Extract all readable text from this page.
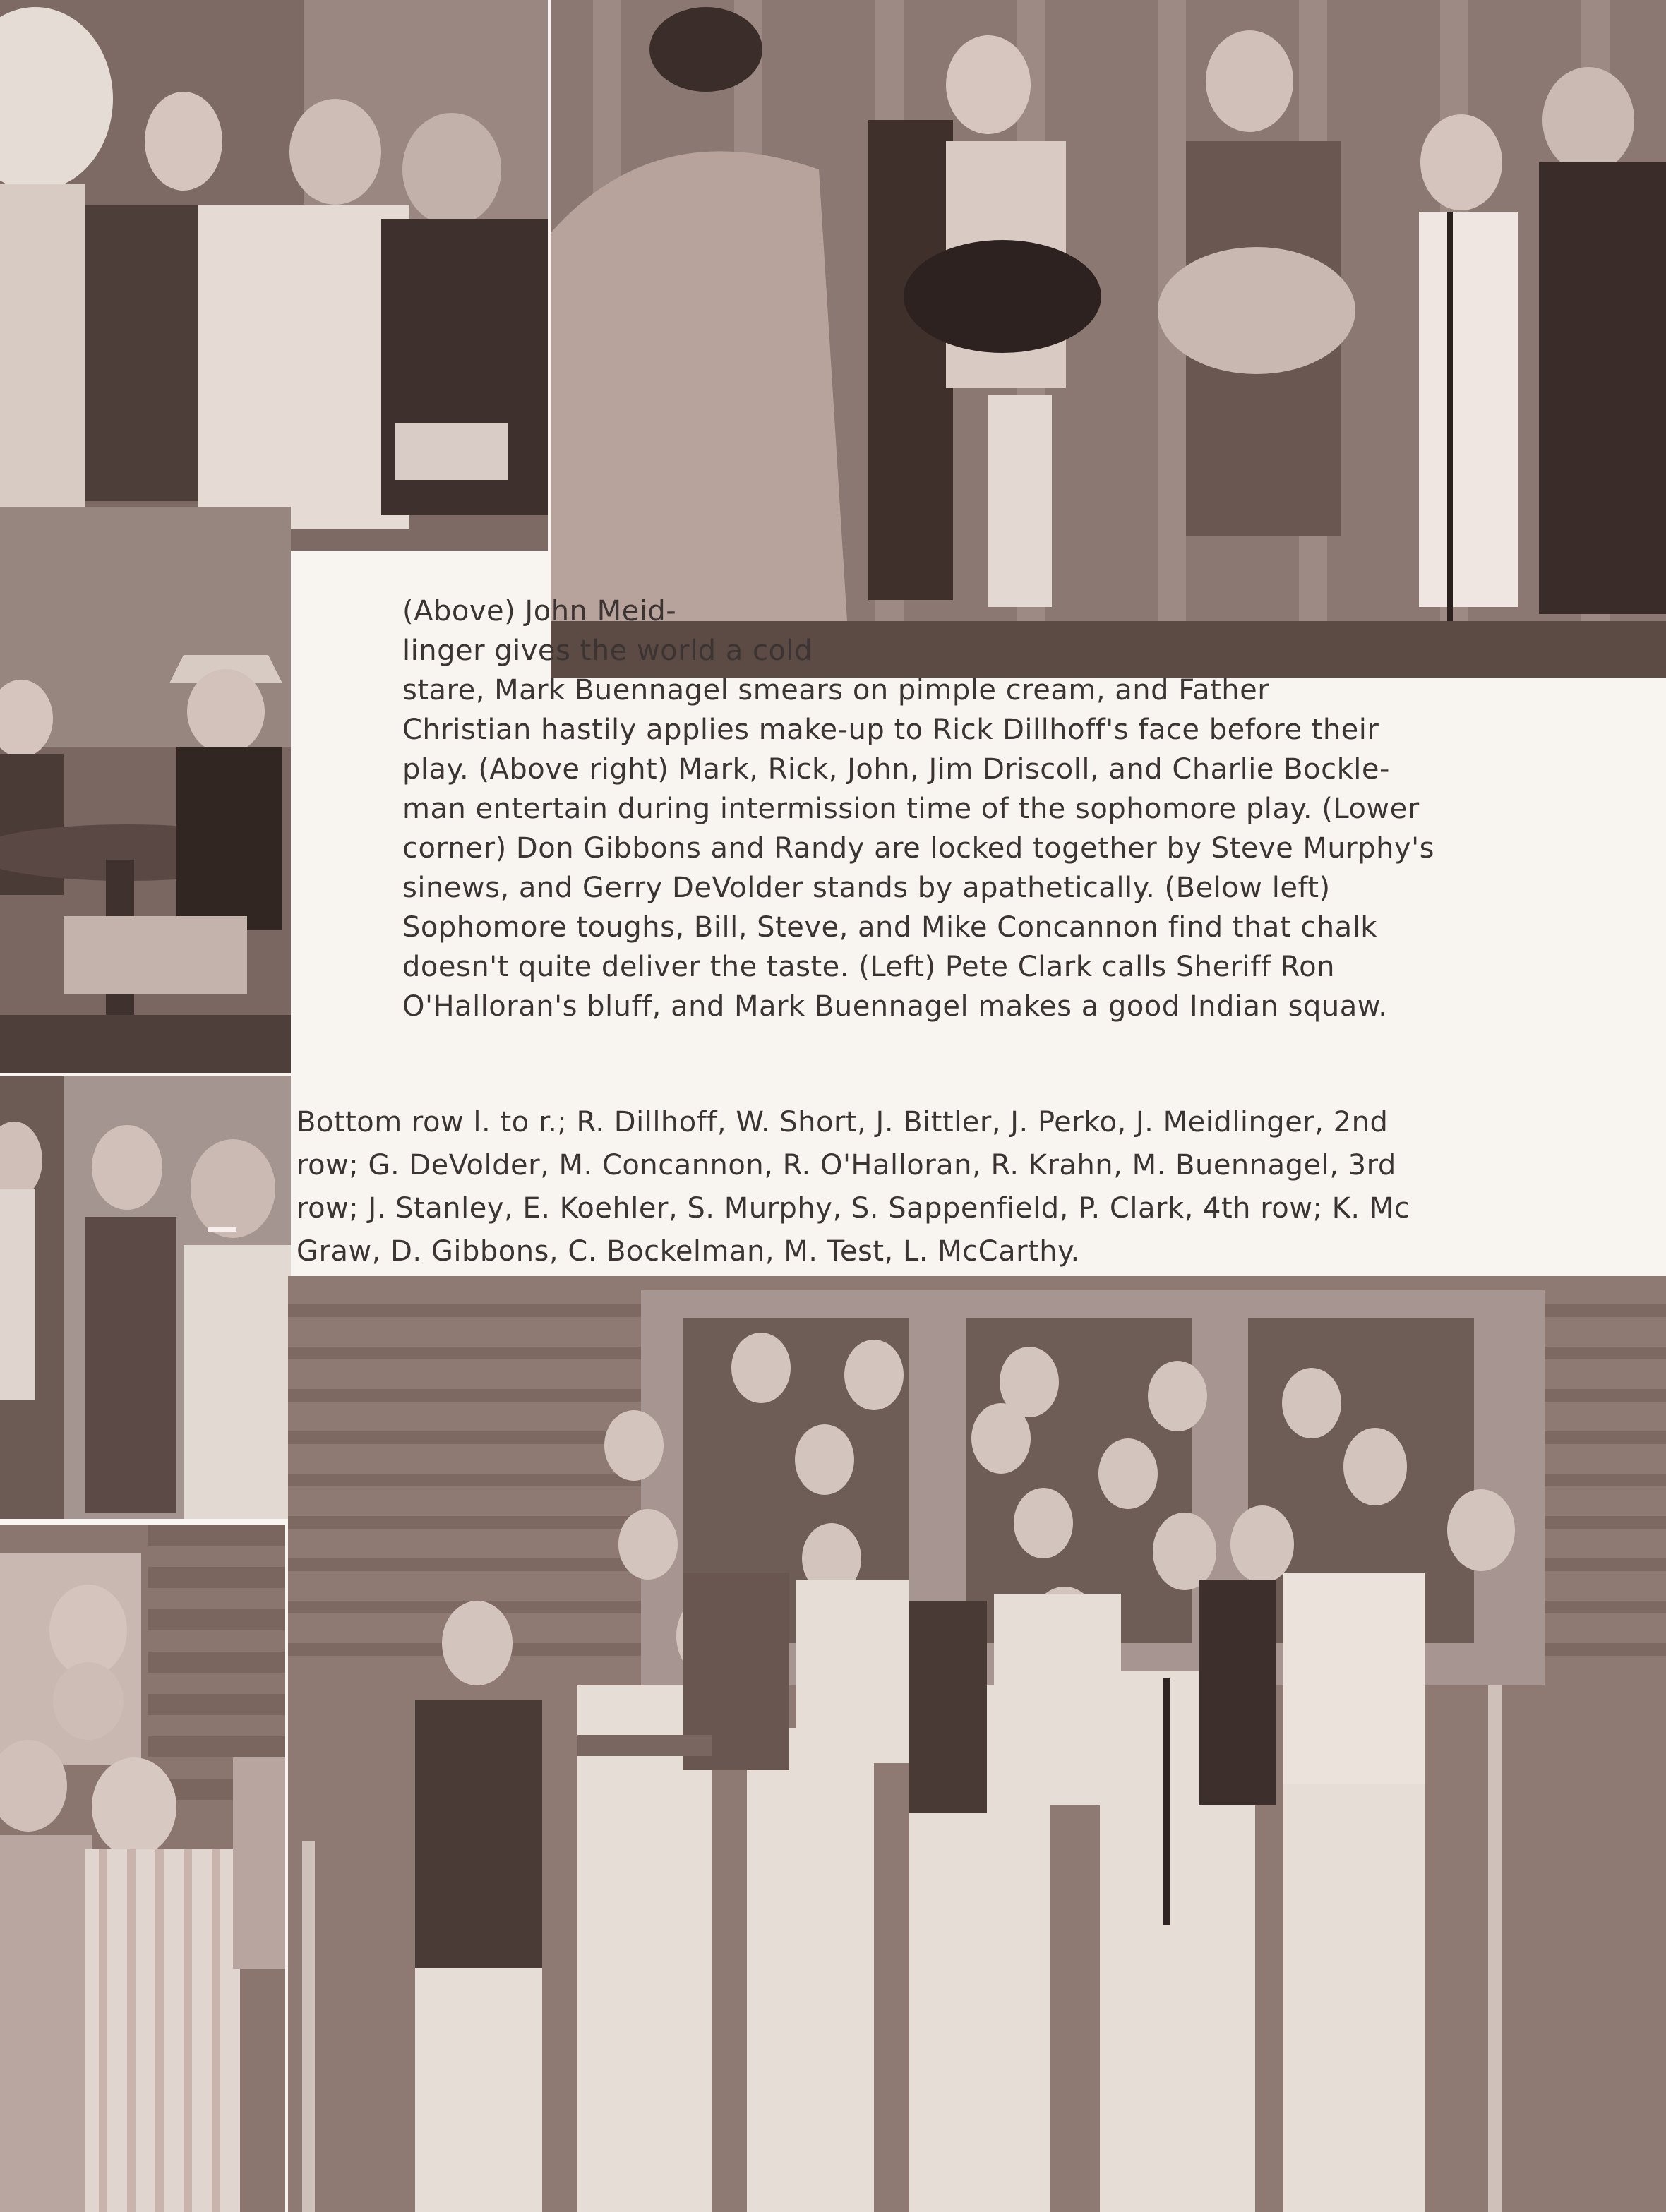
(Above) John Meid-
linger gives the world a cold
stare, Mark Buennagel smears on pimple cream, and Father
Christian hastily applies make-up to Rick Dillhoff's face before their
play. (Above right) Mark, Rick, John, Jim Driscoll, and Charlie Bockle-
man entertain during intermission time of the sophomore play. (Lower
corner) Don Gibbons and Randy are locked together by Steve Murphy's
sinews, and Gerry DeVolder stands by apathetically. (Below left)
Sophomore toughs, Bill, Steve, and Mike Concannon find that chalk
doesn't quite deliver the taste. (Left) Pete Clark calls Sheriff Ron
O'Halloran's bluff, and Mark Buennagel makes a good Indian squaw.
Bottom row l. to r.; R. Dillhoff, W. Short, J. Bittler, J. Perko, J. Meidlinger, 2nd
row; G. DeVolder, M. Concannon, R. O'Halloran, R. Krahn, M. Buennagel, 3rd
row; J. Stanley, E. Koehler, S. Murphy, S. Sappenfield, P. Clark, 4th row; K. Mc
Graw, D. Gibbons, C. Bockelman, M. Test, L. McCarthy.
